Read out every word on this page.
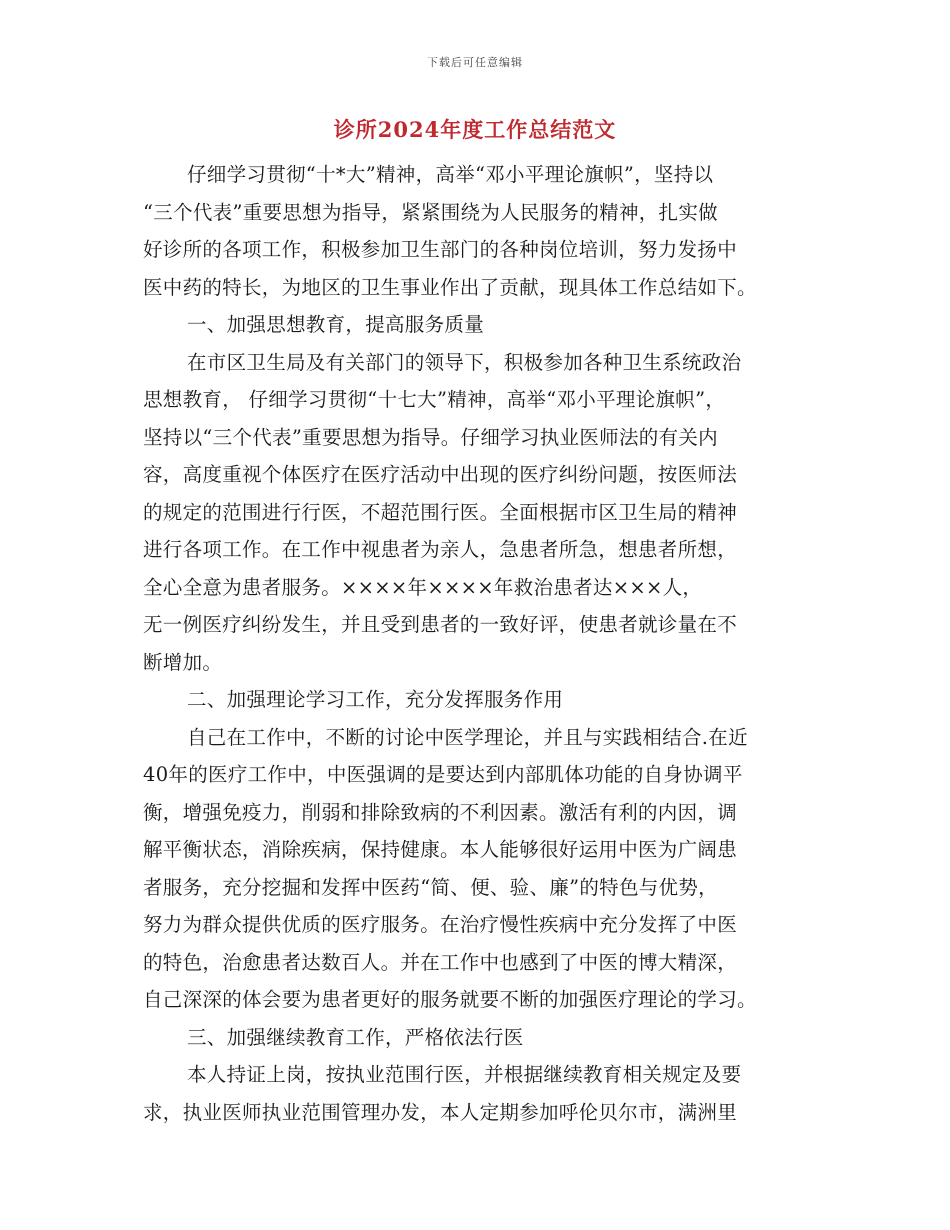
下载后可任意编辑
诊所2024年度工作总结范文
仔细学习贯彻“十*大”精神，高举“邓小平理论旗帜”，坚持以
“三个代表”重要思想为指导，紧紧围绕为人民服务的精神，扎实做
好诊所的各项工作，积极参加卫生部门的各种岗位培训，努力发扬中
医中药的特长，为地区的卫生事业作出了贡献，现具体工作总结如下。
一、加强思想教育，提高服务质量
在市区卫生局及有关部门的领导下，积极参加各种卫生系统政治
思想教育， 仔细学习贯彻“十七大”精神，高举“邓小平理论旗帜”，
坚持以“三个代表”重要思想为指导。仔细学习执业医师法的有关内
容，高度重视个体医疗在医疗活动中出现的医疗纠纷问题，按医师法
的规定的范围进行行医，不超范围行医。全面根据市区卫生局的精神
进行各项工作。在工作中视患者为亲人，急患者所急，想患者所想，
全心全意为患者服务。××××年××××年救治患者达×××人，
无一例医疗纠纷发生，并且受到患者的一致好评，使患者就诊量在不
断增加。
二、加强理论学习工作，充分发挥服务作用
自己在工作中，不断的讨论中医学理论，并且与实践相结合.在近
40年的医疗工作中，中医强调的是要达到内部肌体功能的自身协调平
衡，增强免疫力，削弱和排除致病的不利因素。激活有利的内因，调
解平衡状态，消除疾病，保持健康。本人能够很好运用中医为广阔患
者服务，充分挖掘和发挥中医药“简、便、验、廉”的特色与优势，
努力为群众提供优质的医疗服务。在治疗慢性疾病中充分发挥了中医
的特色，治愈患者达数百人。并在工作中也感到了中医的博大精深，
自己深深的体会要为患者更好的服务就要不断的加强医疗理论的学习。
三、加强继续教育工作，严格依法行医
本人持证上岗，按执业范围行医，并根据继续教育相关规定及要
求，执业医师执业范围管理办发，本人定期参加呼伦贝尔市，满洲里
